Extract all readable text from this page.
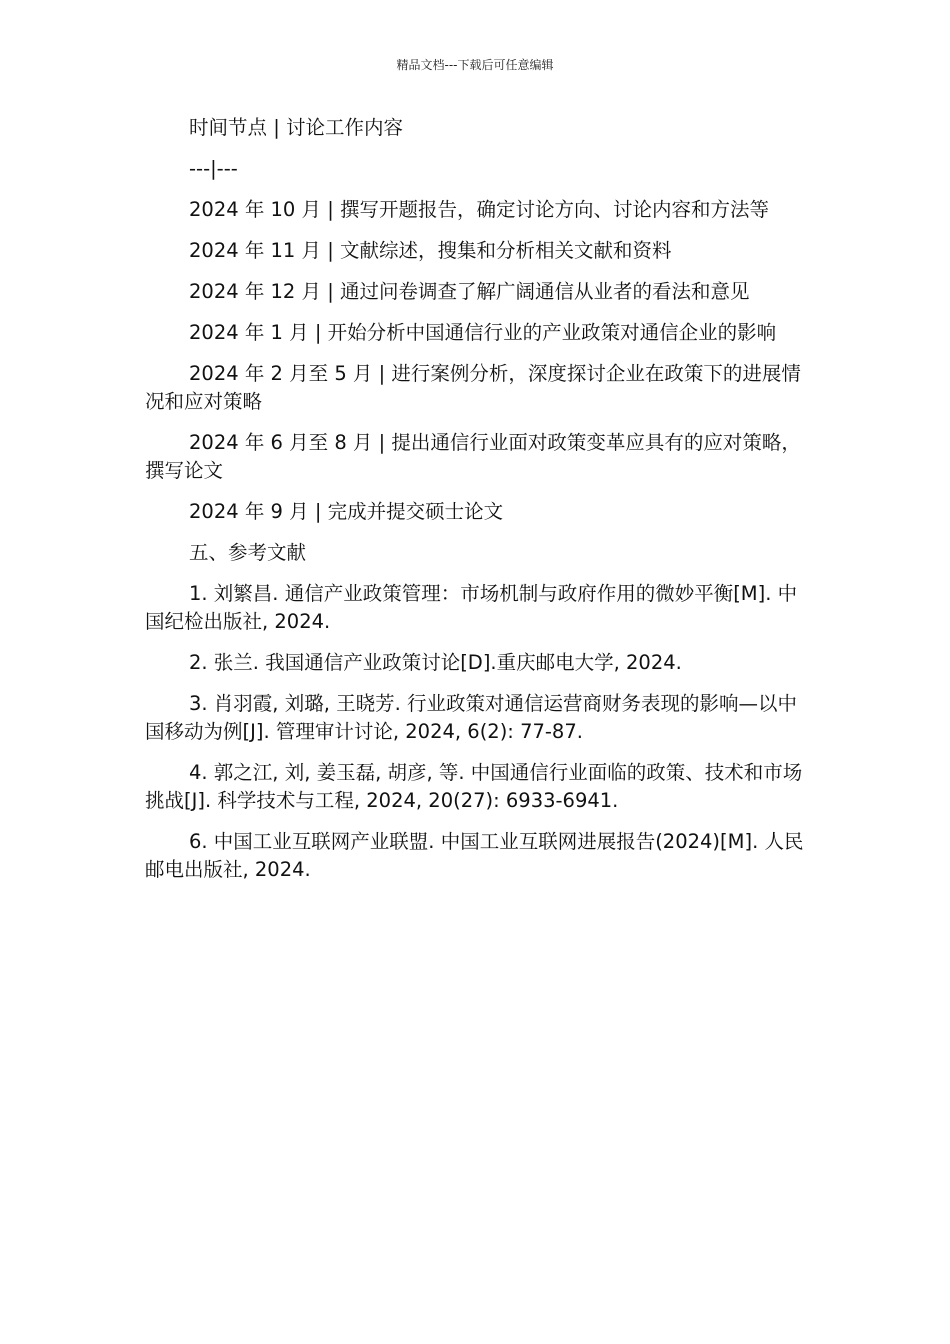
精品文档---下载后可任意编辑

时间节点 | 讨论工作内容

---|---

2024 年 10 月 | 撰写开题报告，确定讨论方向、讨论内容和方法等

2024 年 11 月 | 文献综述，搜集和分析相关文献和资料

2024 年 12 月 | 通过问卷调查了解广阔通信从业者的看法和意见

2024 年 1 月 | 开始分析中国通信行业的产业政策对通信企业的影响

2024 年 2 月至 5 月 | 进行案例分析，深度探讨企业在政策下的进展情况和应对策略

2024 年 6 月至 8 月 | 提出通信行业面对政策变革应具有的应对策略，撰写论文

2024 年 9 月 | 完成并提交硕士论文

五、参考文献

1. 刘繁昌. 通信产业政策管理：市场机制与政府作用的微妙平衡[M]. 中国纪检出版社, 2024.

2. 张兰. 我国通信产业政策讨论[D].重庆邮电大学, 2024.

3. 肖羽霞, 刘璐, 王晓芳. 行业政策对通信运营商财务表现的影响—以中国移动为例[J]. 管理审计讨论, 2024, 6(2): 77-87.

4. 郭之江, 刘, 姜玉磊, 胡彦, 等. 中国通信行业面临的政策、技术和市场挑战[J]. 科学技术与工程, 2024, 20(27): 6933-6941.

6. 中国工业互联网产业联盟. 中国工业互联网进展报告(2024)[M]. 人民邮电出版社, 2024.
